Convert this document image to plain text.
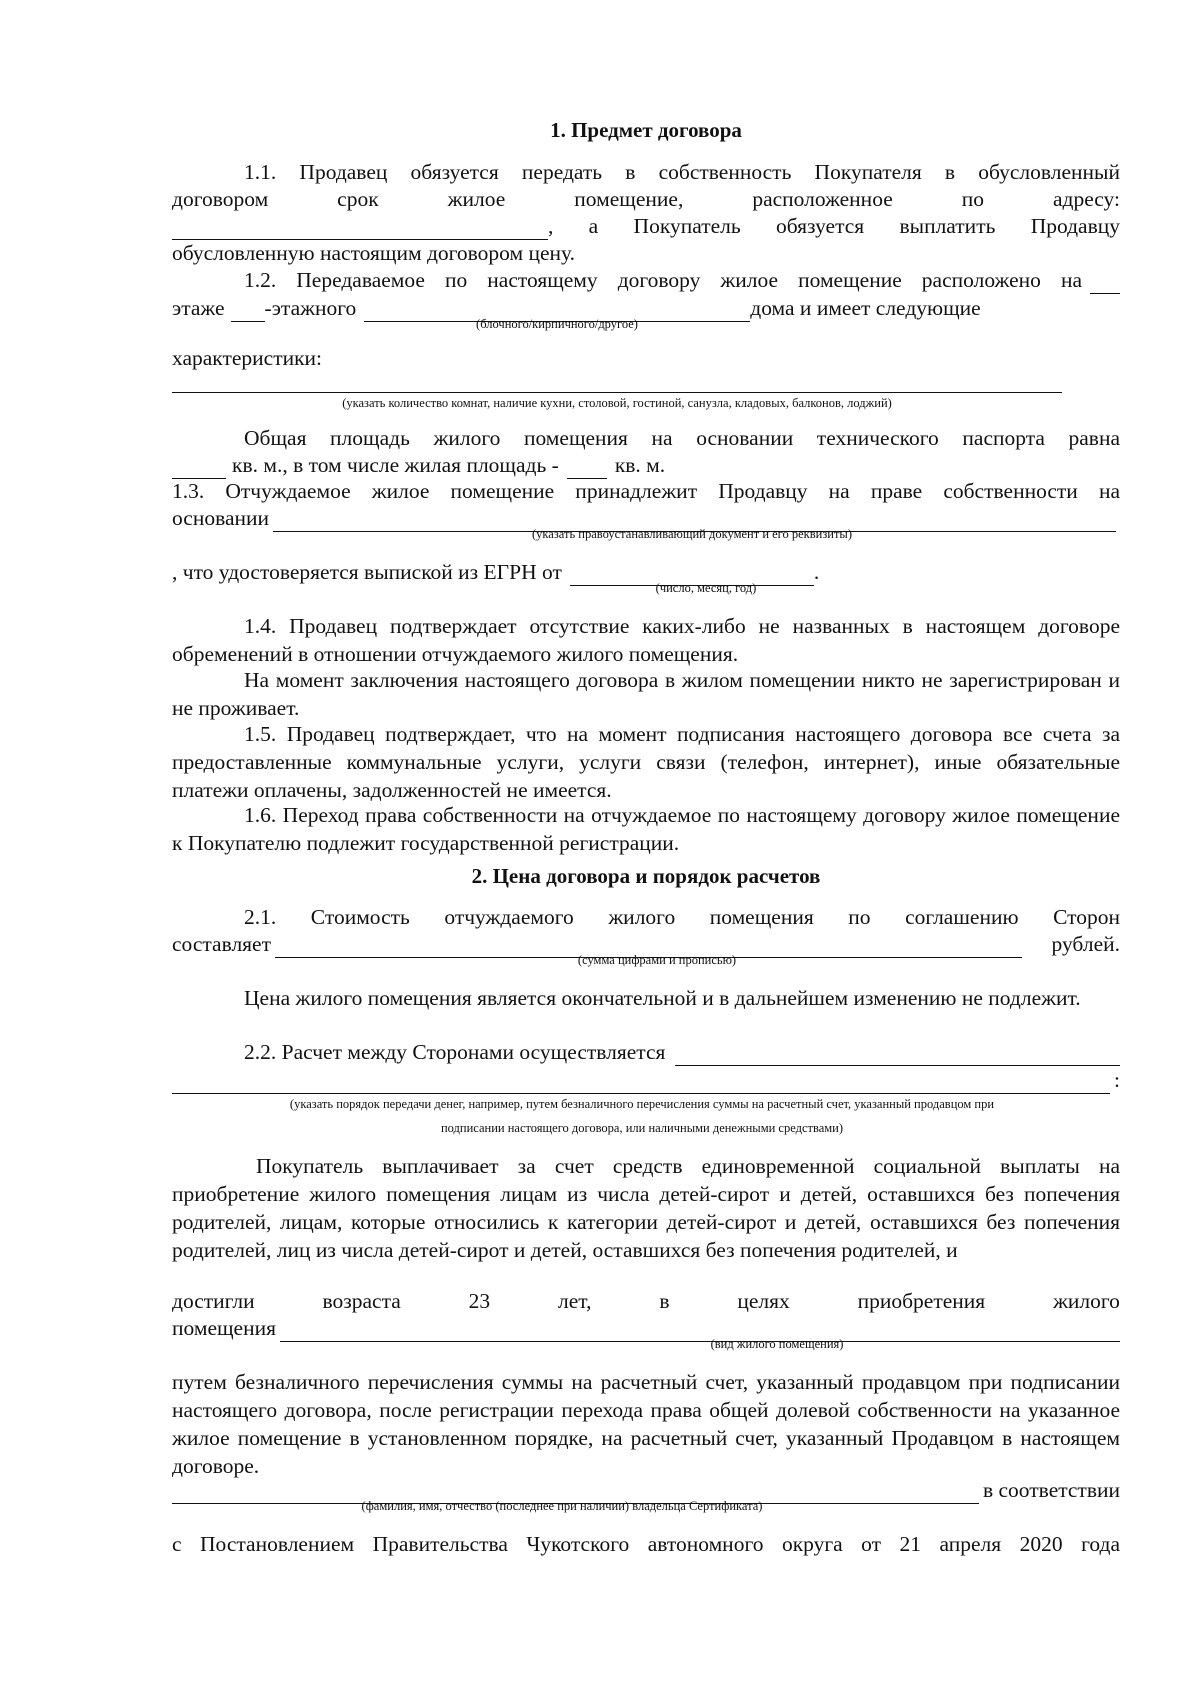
1. Предмет договора
1.1. Продавец обязуется передать в собственность Покупателя в обусловленный
договором	срок	жилое	помещение,	расположенное	по	адресу:
, а Покупатель обязуется выплатить Продавцу
обусловленную настоящим договором цену.
1.2. Передаваемое по настоящему договору жилое помещение расположено на
этаже -этажного	дома и имеет следующие
(блочного/кирпичного/другое)
характеристики:
(указать количество комнат, наличие кухни, столовой, гостиной, санузла, кладовых, балконов, лоджий)
Общая площадь жилого помещения на основании технического паспорта равна
кв. м., в том числе жилая площадь -	кв. м.
1.3. Отчуждаемое жилое помещение принадлежит Продавцу на праве собственности на
основании
(указать правоустанавливающий документ и его реквизиты)
, что удостоверяется выпиской из ЕГРН от	.
(число, месяц, год)
1.4. Продавец подтверждает отсутствие каких-либо не названных в настоящем договоре обременений в отношении отчуждаемого жилого помещения.
На момент заключения настоящего договора в жилом помещении никто не зарегистрирован и не проживает.
1.5. Продавец подтверждает, что на момент подписания настоящего договора все счета за предоставленные коммунальные услуги, услуги связи (телефон, интернет), иные обязательные платежи оплачены, задолженностей не имеется.
1.6. Переход права собственности на отчуждаемое по настоящему договору жилое помещение к Покупателю подлежит государственной регистрации.
2. Цена договора и порядок расчетов
2.1. Стоимость отчуждаемого жилого помещения по соглашению Сторон
составляет	рублей.
(сумма цифрами и прописью)
Цена жилого помещения является окончательной и в дальнейшем изменению не подлежит.
2.2. Расчет между Сторонами осуществляется
:
(указать порядок передачи денег, например, путем безналичного перечисления суммы на расчетный счет, указанный продавцом при
подписании настоящего договора, или наличными денежными средствами)
Покупатель выплачивает за счет средств единовременной социальной выплаты на приобретение жилого помещения лицам из числа детей-сирот и детей, оставшихся без попечения родителей, лицам, которые относились к категории детей-сирот и детей, оставшихся без попечения родителей, лиц из числа детей-сирот и детей, оставшихся без попечения родителей, и
достигли	возраста	23	лет,	в	целях	приобретения	жилого
помещения
(вид жилого помещения)
путем безналичного перечисления суммы на расчетный счет, указанный продавцом при подписании настоящего договора, после регистрации перехода права общей долевой собственности на указанное жилое помещение в установленном порядке, на расчетный счет, указанный Продавцом в настоящем договоре.
в соответствии
(фамилия, имя, отчество (последнее при наличии) владельца Сертификата)
с Постановлением Правительства Чукотского автономного округа от 21 апреля 2020 года
